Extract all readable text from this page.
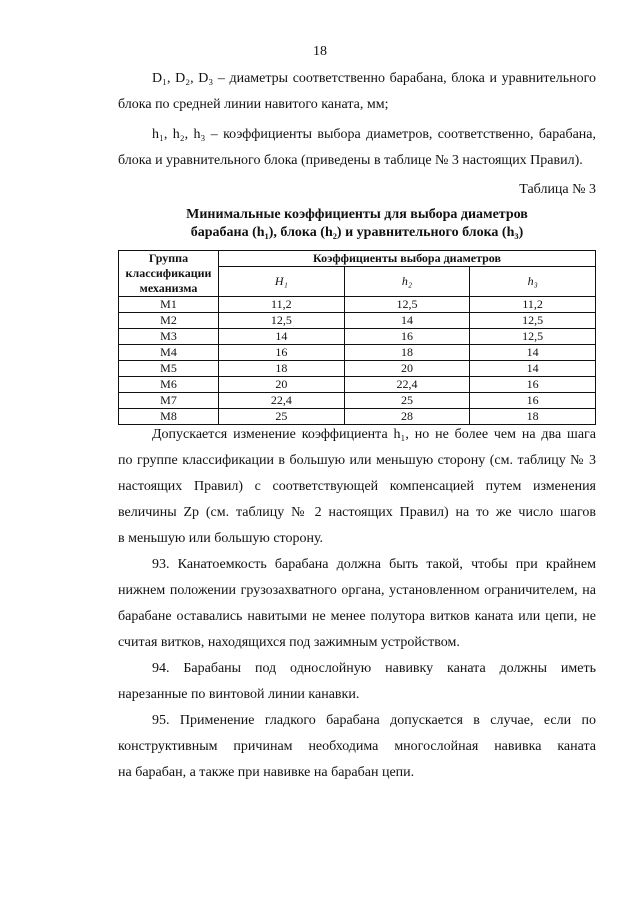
18
D₁, D₂, D₃ – диаметры соответственно барабана, блока и уравнительного
блока по средней линии навитого каната, мм;
h₁, h₂, h₃ – коэффициенты выбора диаметров, соответственно, барабана,
блока и уравнительного блока (приведены в таблице № 3 настоящих Правил).
Таблица № 3
Минимальные коэффициенты для выбора диаметров
барабана (h₁), блока (h₂) и уравнительного блока (h₃)
Группа классификации механизма	Коэффициенты выбора диаметров		
	H₁	h₂	h₃
M1	11,2	12,5	11,2
M2	12,5	14	12,5
M3	14	16	12,5
M4	16	18	14
M5	18	20	14
M6	20	22,4	16
M7	22,4	25	16
M8	25	28	18
Допускается изменение коэффициента h₁, но не более чем на два шага
по группе классификации в большую или меньшую сторону (см. таблицу № 3
настоящих Правил) с соответствующей компенсацией путем изменения
величины Zp (см. таблицу № 2 настоящих Правил) на то же число шагов
в меньшую или большую сторону.
93. Канатоемкость барабана должна быть такой, чтобы при крайнем
нижнем положении грузозахватного органа, установленном ограничителем, на
барабане оставались навитыми не менее полутора витков каната или цепи, не
считая витков, находящихся под зажимным устройством.
94. Барабаны под однослойную навивку каната должны иметь
нарезанные по винтовой линии канавки.
95. Применение гладкого барабана допускается в случае, если по
конструктивным причинам необходима многослойная навивка каната
на барабан, а также при навивке на барабан цепи.
